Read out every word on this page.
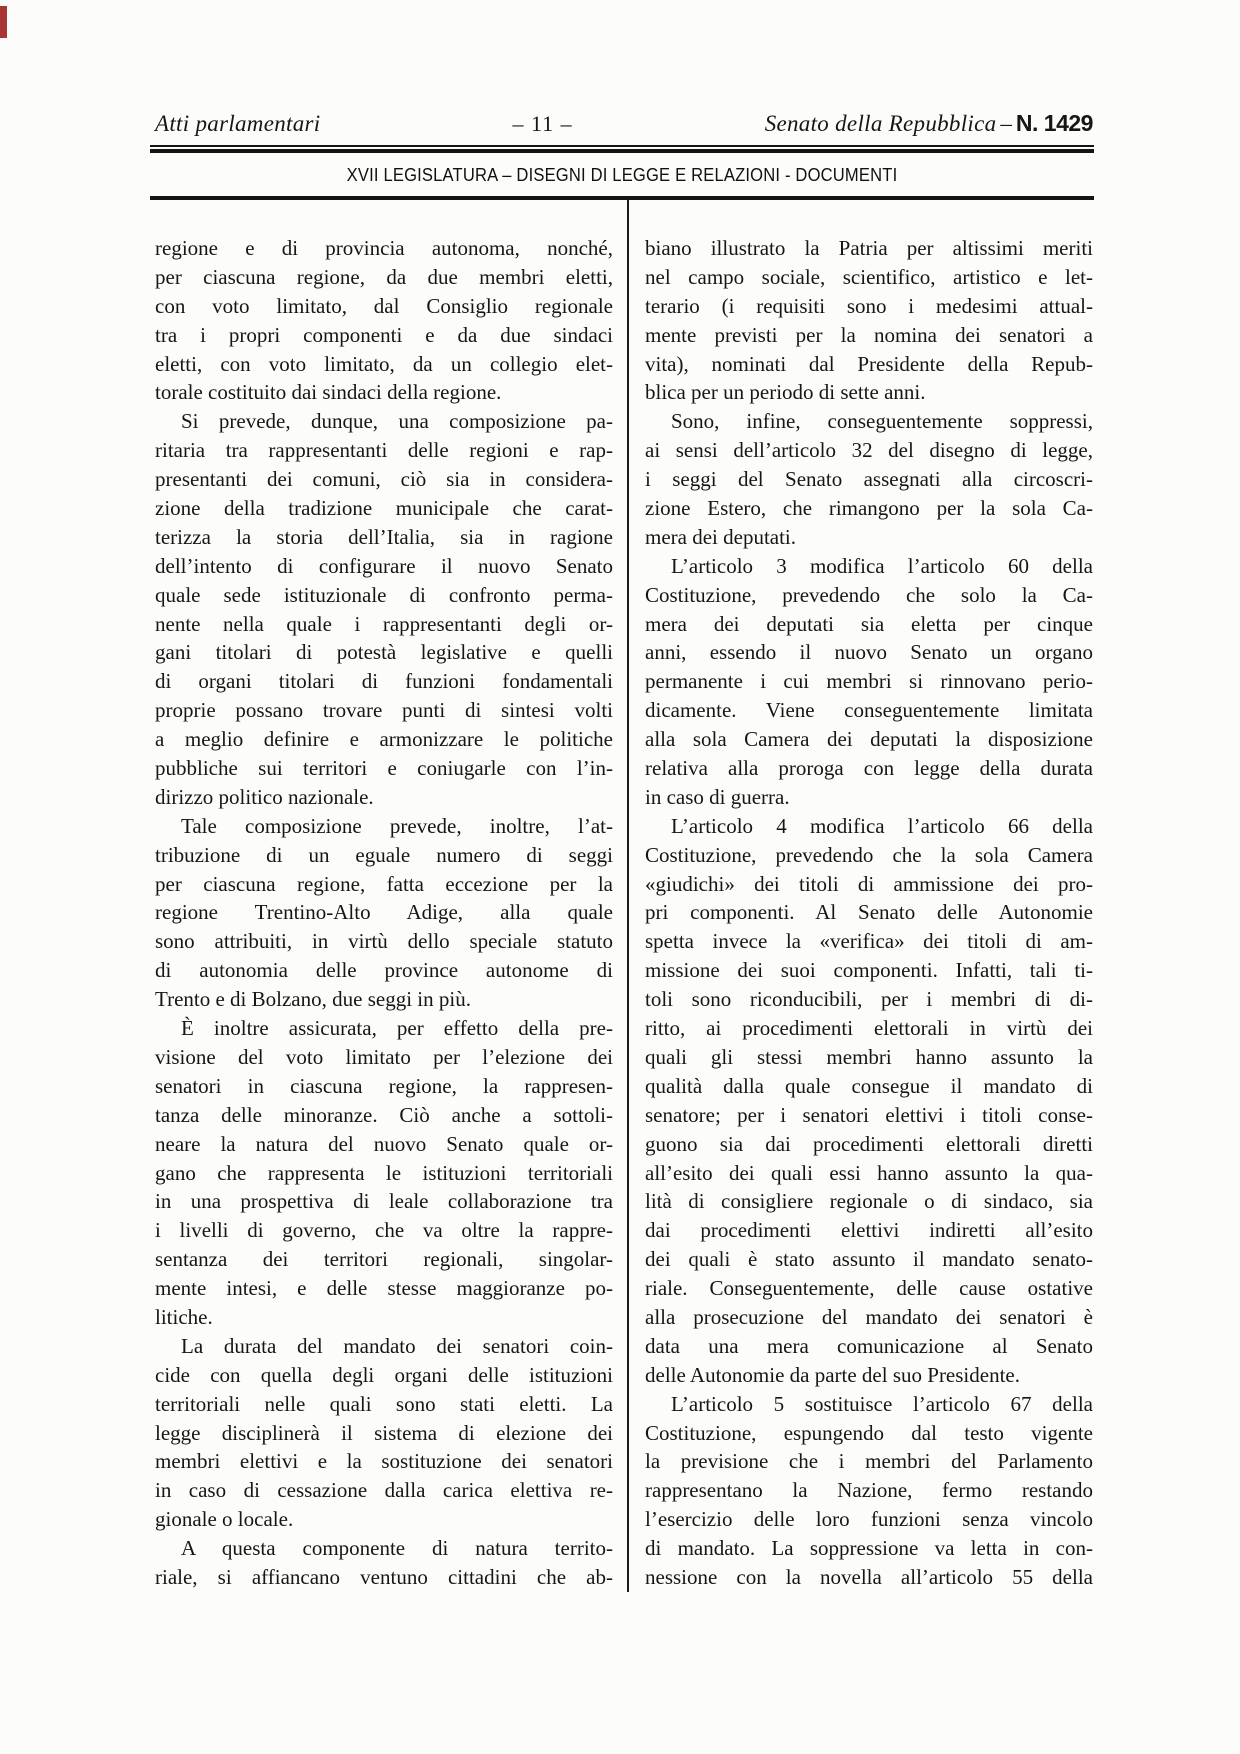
Atti parlamentari	– 11 –	Senato della Repubblica – N. 1429
XVII LEGISLATURA – DISEGNI DI LEGGE E RELAZIONI - DOCUMENTI
regione e di provincia autonoma, nonché,
per ciascuna regione, da due membri eletti,
con voto limitato, dal Consiglio regionale
tra i propri componenti e da due sindaci
eletti, con voto limitato, da un collegio elet-
torale costituito dai sindaci della regione.
Si prevede, dunque, una composizione pa-
ritaria tra rappresentanti delle regioni e rap-
presentanti dei comuni, ciò sia in considera-
zione della tradizione municipale che carat-
terizza la storia dell’Italia, sia in ragione
dell’intento di configurare il nuovo Senato
quale sede istituzionale di confronto perma-
nente nella quale i rappresentanti degli or-
gani titolari di potestà legislative e quelli
di organi titolari di funzioni fondamentali
proprie possano trovare punti di sintesi volti
a meglio definire e armonizzare le politiche
pubbliche sui territori e coniugarle con l’in-
dirizzo politico nazionale.
Tale composizione prevede, inoltre, l’at-
tribuzione di un eguale numero di seggi
per ciascuna regione, fatta eccezione per la
regione Trentino-Alto Adige, alla quale
sono attribuiti, in virtù dello speciale statuto
di autonomia delle province autonome di
Trento e di Bolzano, due seggi in più.
È inoltre assicurata, per effetto della pre-
visione del voto limitato per l’elezione dei
senatori in ciascuna regione, la rappresen-
tanza delle minoranze. Ciò anche a sottoli-
neare la natura del nuovo Senato quale or-
gano che rappresenta le istituzioni territoriali
in una prospettiva di leale collaborazione tra
i livelli di governo, che va oltre la rappre-
sentanza dei territori regionali, singolar-
mente intesi, e delle stesse maggioranze po-
litiche.
La durata del mandato dei senatori coin-
cide con quella degli organi delle istituzioni
territoriali nelle quali sono stati eletti. La
legge disciplinerà il sistema di elezione dei
membri elettivi e la sostituzione dei senatori
in caso di cessazione dalla carica elettiva re-
gionale o locale.
A questa componente di natura territo-
riale, si affiancano ventuno cittadini che ab-
biano illustrato la Patria per altissimi meriti
nel campo sociale, scientifico, artistico e let-
terario (i requisiti sono i medesimi attual-
mente previsti per la nomina dei senatori a
vita), nominati dal Presidente della Repub-
blica per un periodo di sette anni.
Sono, infine, conseguentemente soppressi,
ai sensi dell’articolo 32 del disegno di legge,
i seggi del Senato assegnati alla circoscri-
zione Estero, che rimangono per la sola Ca-
mera dei deputati.
L’articolo 3 modifica l’articolo 60 della
Costituzione, prevedendo che solo la Ca-
mera dei deputati sia eletta per cinque
anni, essendo il nuovo Senato un organo
permanente i cui membri si rinnovano perio-
dicamente. Viene conseguentemente limitata
alla sola Camera dei deputati la disposizione
relativa alla proroga con legge della durata
in caso di guerra.
L’articolo 4 modifica l’articolo 66 della
Costituzione, prevedendo che la sola Camera
«giudichi» dei titoli di ammissione dei pro-
pri componenti. Al Senato delle Autonomie
spetta invece la «verifica» dei titoli di am-
missione dei suoi componenti. Infatti, tali ti-
toli sono riconducibili, per i membri di di-
ritto, ai procedimenti elettorali in virtù dei
quali gli stessi membri hanno assunto la
qualità dalla quale consegue il mandato di
senatore; per i senatori elettivi i titoli conse-
guono sia dai procedimenti elettorali diretti
all’esito dei quali essi hanno assunto la qua-
lità di consigliere regionale o di sindaco, sia
dai procedimenti elettivi indiretti all’esito
dei quali è stato assunto il mandato senato-
riale. Conseguentemente, delle cause ostative
alla prosecuzione del mandato dei senatori è
data una mera comunicazione al Senato
delle Autonomie da parte del suo Presidente.
L’articolo 5 sostituisce l’articolo 67 della
Costituzione, espungendo dal testo vigente
la previsione che i membri del Parlamento
rappresentano la Nazione, fermo restando
l’esercizio delle loro funzioni senza vincolo
di mandato. La soppressione va letta in con-
nessione con la novella all’articolo 55 della
